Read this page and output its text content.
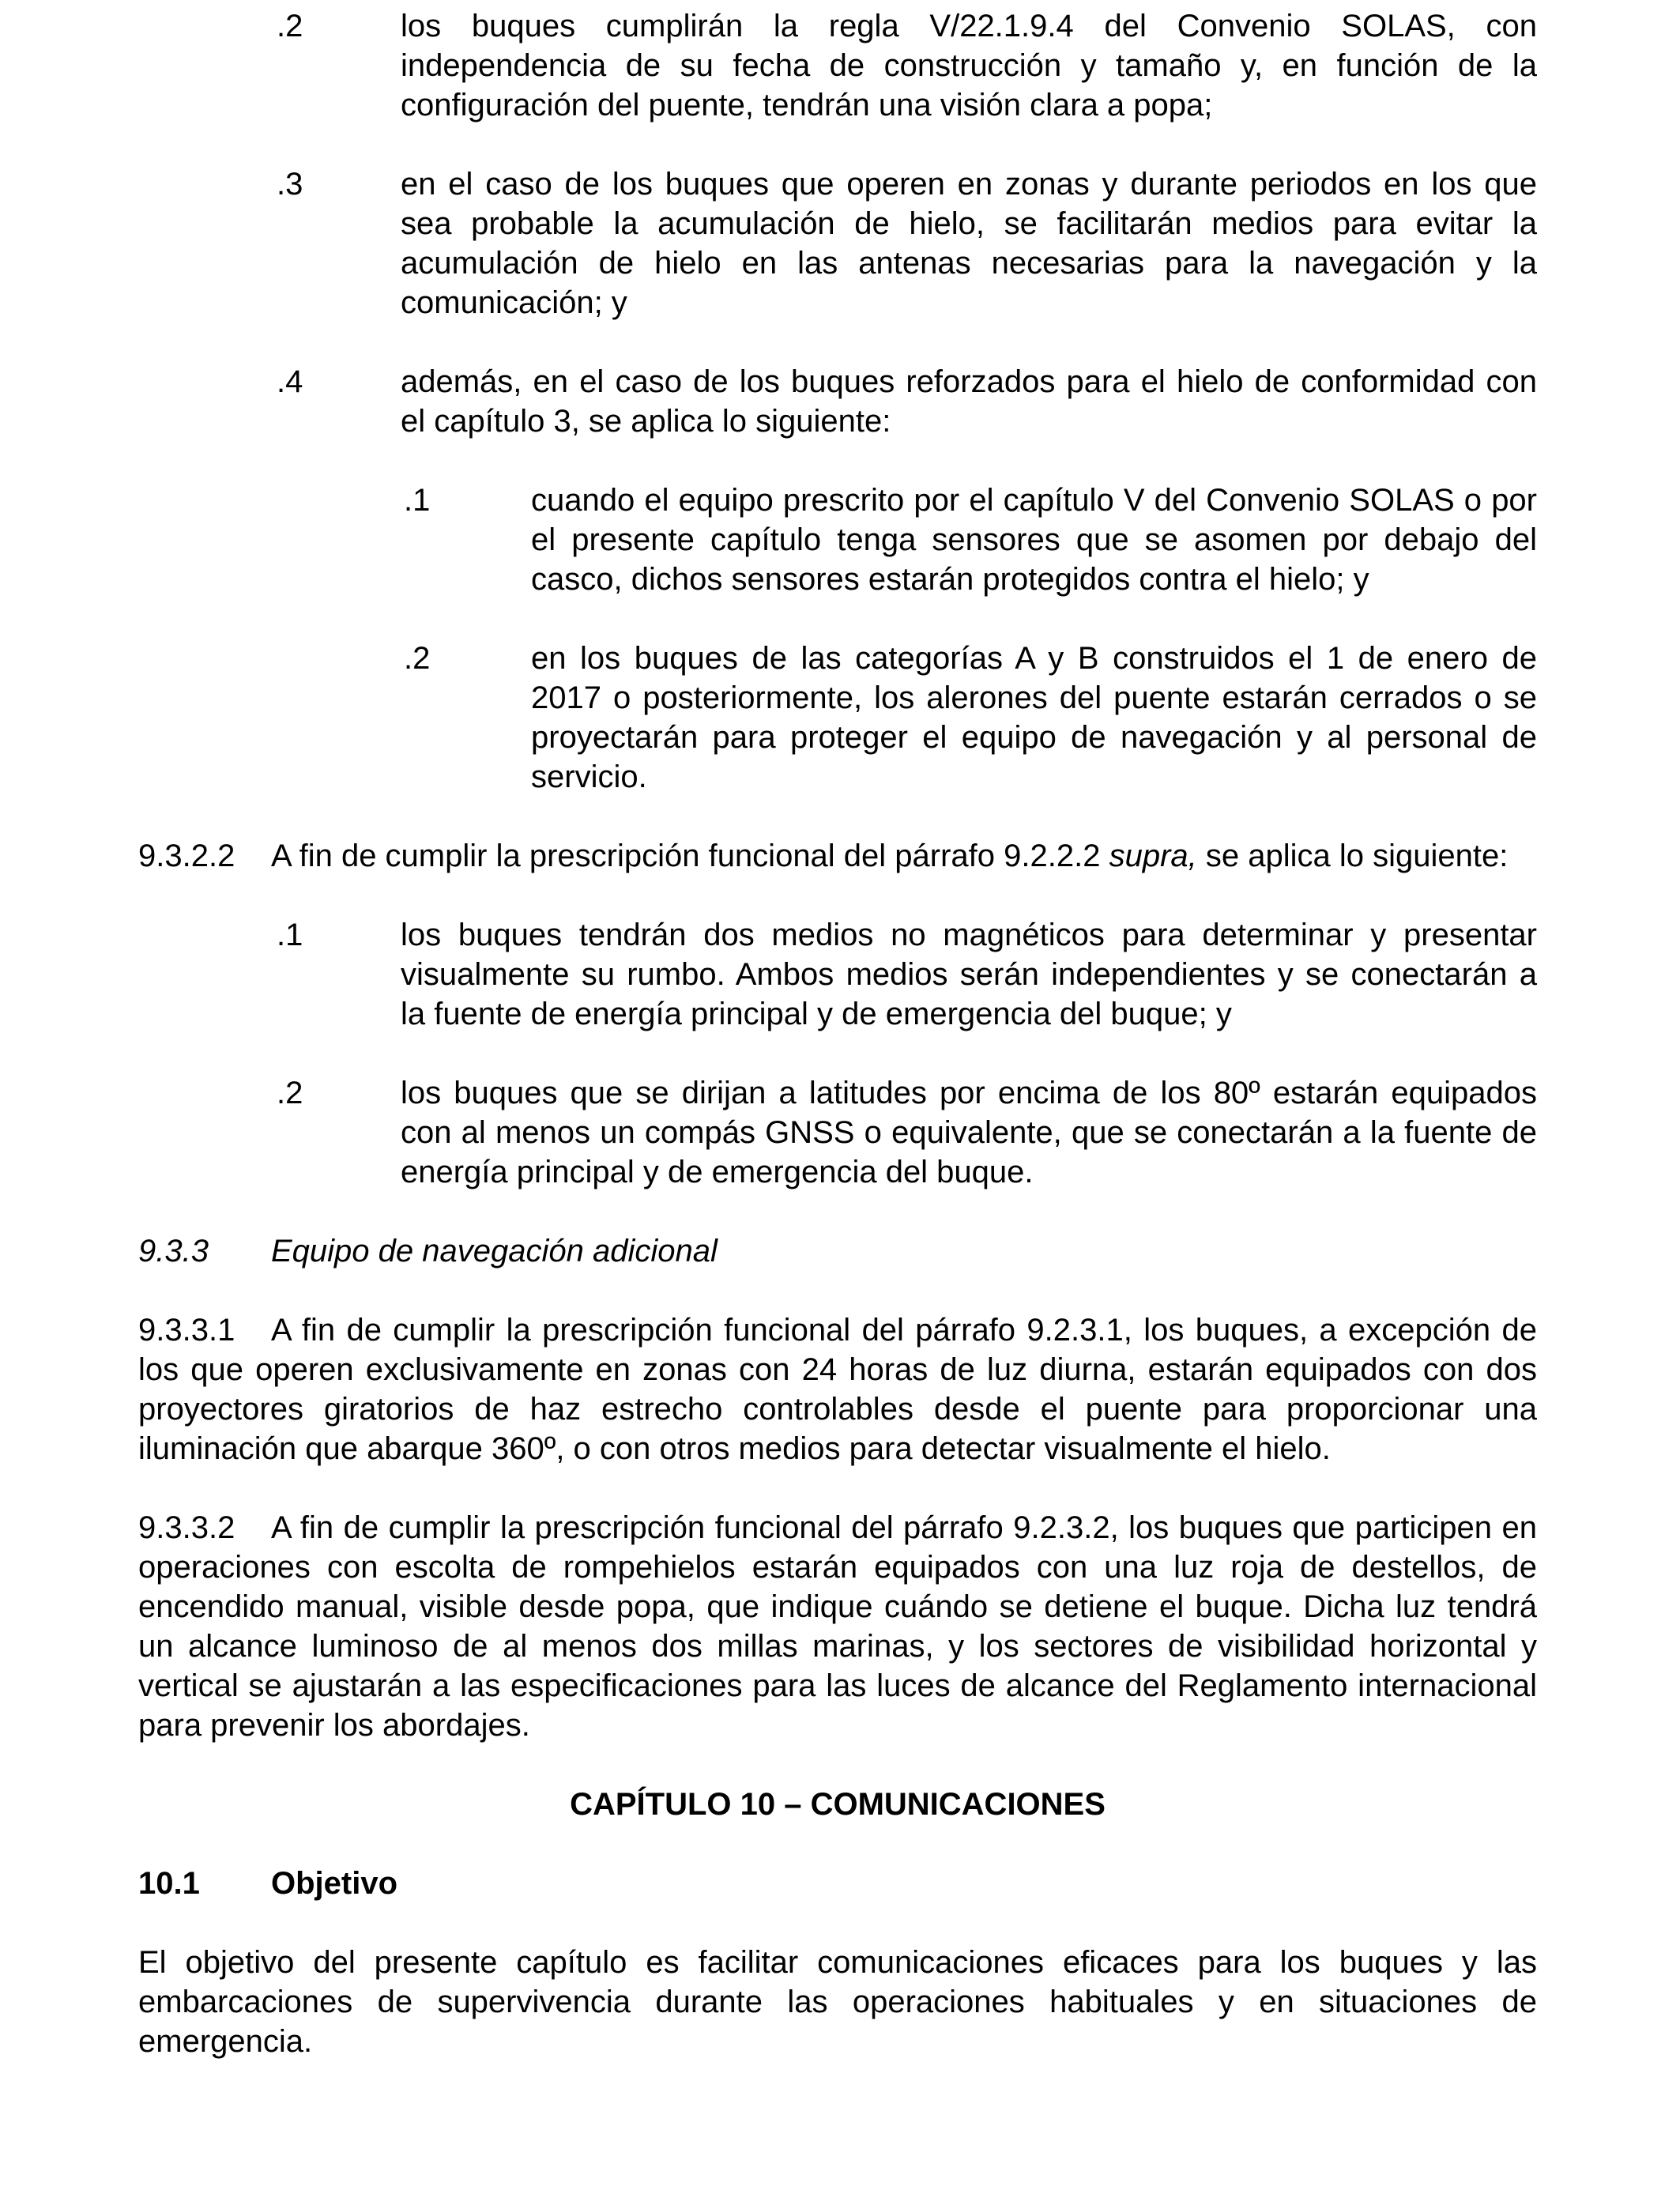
.2	los buques cumplirán la regla V/22.1.9.4 del Convenio SOLAS, con independencia de su fecha de construcción y tamaño y, en función de la configuración del puente, tendrán una visión clara a popa;
.3	en el caso de los buques que operen en zonas y durante periodos en los que sea probable la acumulación de hielo, se facilitarán medios para evitar la acumulación de hielo en las antenas necesarias para la navegación y la comunicación; y
.4	además, en el caso de los buques reforzados para el hielo de conformidad con el capítulo 3, se aplica lo siguiente:
.1	cuando el equipo prescrito por el capítulo V del Convenio SOLAS o por el presente capítulo tenga sensores que se asomen por debajo del casco, dichos sensores estarán protegidos contra el hielo; y
.2	en los buques de las categorías A y B construidos el 1 de enero de 2017 o posteriormente, los alerones del puente estarán cerrados o se proyectarán para proteger el equipo de navegación y al personal de servicio.
9.3.2.2 A fin de cumplir la prescripción funcional del párrafo 9.2.2.2 supra, se aplica lo siguiente:
.1	los buques tendrán dos medios no magnéticos para determinar y presentar visualmente su rumbo. Ambos medios serán independientes y se conectarán a la fuente de energía principal y de emergencia del buque; y
.2	los buques que se dirijan a latitudes por encima de los 80º estarán equipados con al menos un compás GNSS o equivalente, que se conectarán a la fuente de energía principal y de emergencia del buque.
9.3.3 Equipo de navegación adicional
9.3.3.1 A fin de cumplir la prescripción funcional del párrafo 9.2.3.1, los buques, a excepción de los que operen exclusivamente en zonas con 24 horas de luz diurna, estarán equipados con dos proyectores giratorios de haz estrecho controlables desde el puente para proporcionar una iluminación que abarque 360º, o con otros medios para detectar visualmente el hielo.
9.3.3.2 A fin de cumplir la prescripción funcional del párrafo 9.2.3.2, los buques que participen en operaciones con escolta de rompehielos estarán equipados con una luz roja de destellos, de encendido manual, visible desde popa, que indique cuándo se detiene el buque. Dicha luz tendrá un alcance luminoso de al menos dos millas marinas, y los sectores de visibilidad horizontal y vertical se ajustarán a las especificaciones para las luces de alcance del Reglamento internacional para prevenir los abordajes.
CAPÍTULO 10 – COMUNICACIONES
10.1 Objetivo
El objetivo del presente capítulo es facilitar comunicaciones eficaces para los buques y las embarcaciones de supervivencia durante las operaciones habituales y en situaciones de emergencia.
